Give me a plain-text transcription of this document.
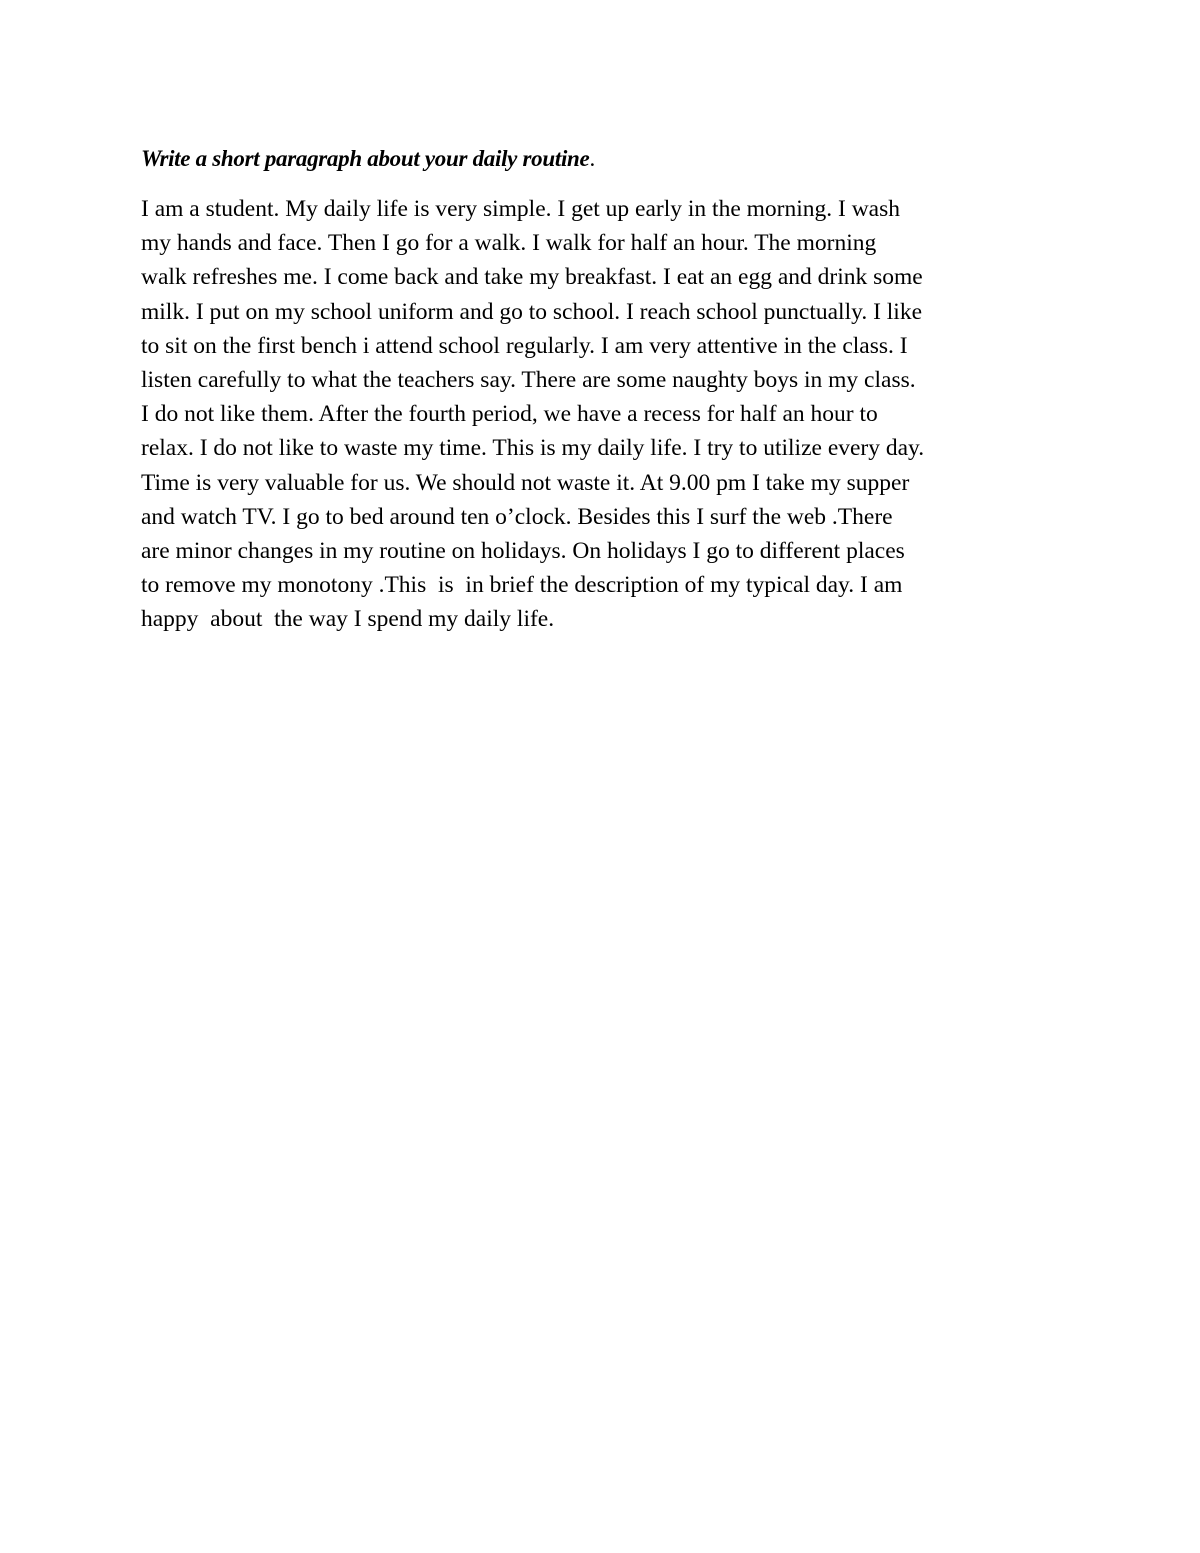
Write a short paragraph about your daily routine.

I am a student. My daily life is very simple. I get up early in the morning. I wash
my hands and face. Then I go for a walk. I walk for half an hour. The morning
walk refreshes me. I come back and take my breakfast. I eat an egg and drink some
milk. I put on my school uniform and go to school. I reach school punctually. I like
to sit on the first bench i attend school regularly. I am very attentive in the class. I
listen carefully to what the teachers say. There are some naughty boys in my class.
I do not like them. After the fourth period, we have a recess for half an hour to
relax. I do not like to waste my time. This is my daily life. I try to utilize every day.
Time is very valuable for us. We should not waste it. At 9.00 pm I take my supper
and watch TV. I go to bed around ten o’clock. Besides this I surf the web .There
are minor changes in my routine on holidays. On holidays I go to different places
to remove my monotony .This  is  in brief the description of my typical day. I am
happy  about  the way I spend my daily life.
